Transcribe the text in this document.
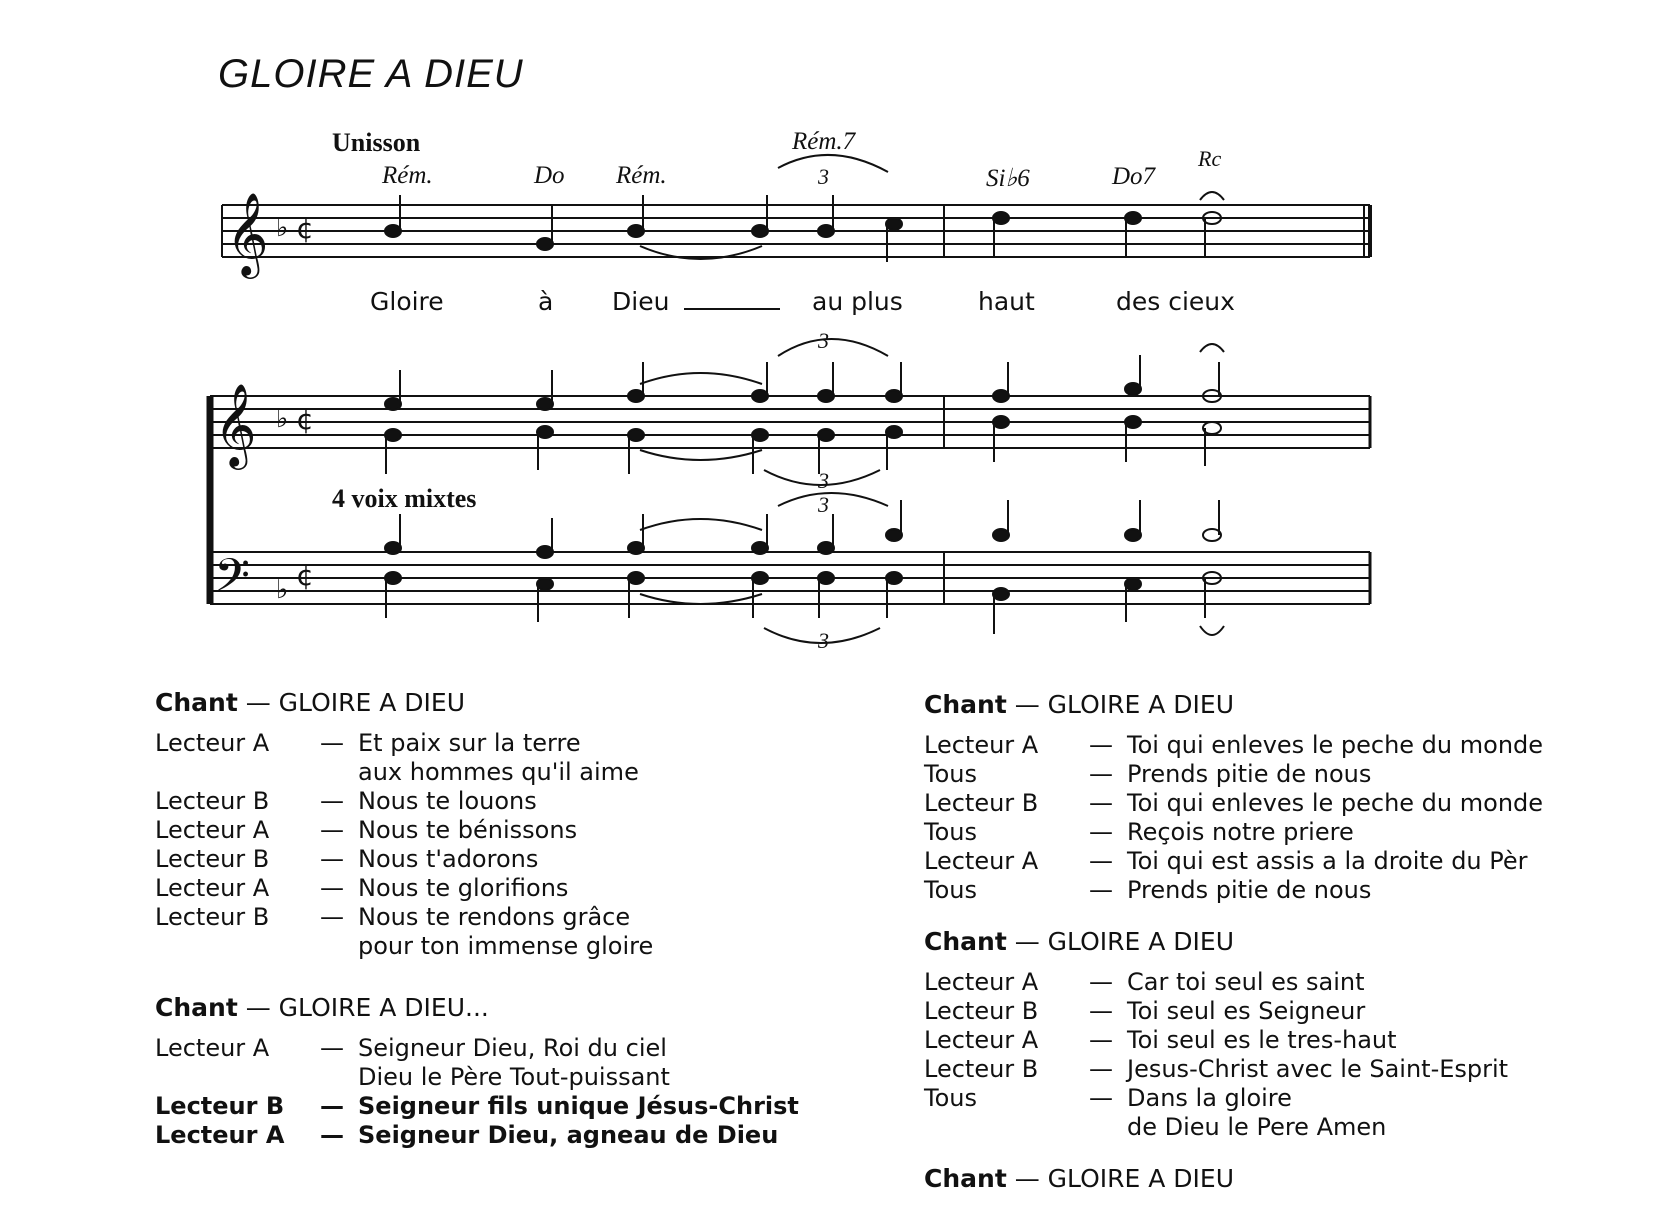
GLOIRE A DIEU
Unisson
4 voix mixtes
Rém.	Do Rém.
Rém.7
Si♭6	Do7
Rc
Gloire	à Dieu	au plus	haut	des cieux
𝄞
𝄞
𝄢
♭ ¢
♭ ¢
♭ ¢
3
3
3
3
3
Chant — GLOIRE A DIEU
Lecteur A	— Et paix sur la terre
aux hommes qu'il aime
Lecteur B	— Nous te louons
Lecteur A	— Nous te bénissons
Lecteur B	— Nous t'adorons
Lecteur A	— Nous te glorifions
Lecteur B	— Nous te rendons grâce
pour ton immense gloire
Chant — GLOIRE A DIEU...
Lecteur A	— Seigneur Dieu, Roi du ciel
Dieu le Père Tout-puissant
Lecteur B	— Seigneur fils unique Jésus-Christ
Lecteur A	— Seigneur Dieu, agneau de Dieu
Chant — GLOIRE A DIEU
Lecteur A	— Toi qui enleves le peche du monde
Tous	— Prends pitie de nous
Lecteur B	— Toi qui enleves le peche du monde
Tous	— Reçois notre priere
Lecteur A	— Toi qui est assis a la droite du Pèr
Tous	— Prends pitie de nous
Chant — GLOIRE A DIEU
Lecteur A	— Car toi seul es saint
Lecteur B	— Toi seul es Seigneur
Lecteur A	— Toi seul es le tres-haut
Lecteur B	— Jesus-Christ avec le Saint-Esprit
Tous	— Dans la gloire
de Dieu le Pere Amen
Chant — GLOIRE A DIEU
